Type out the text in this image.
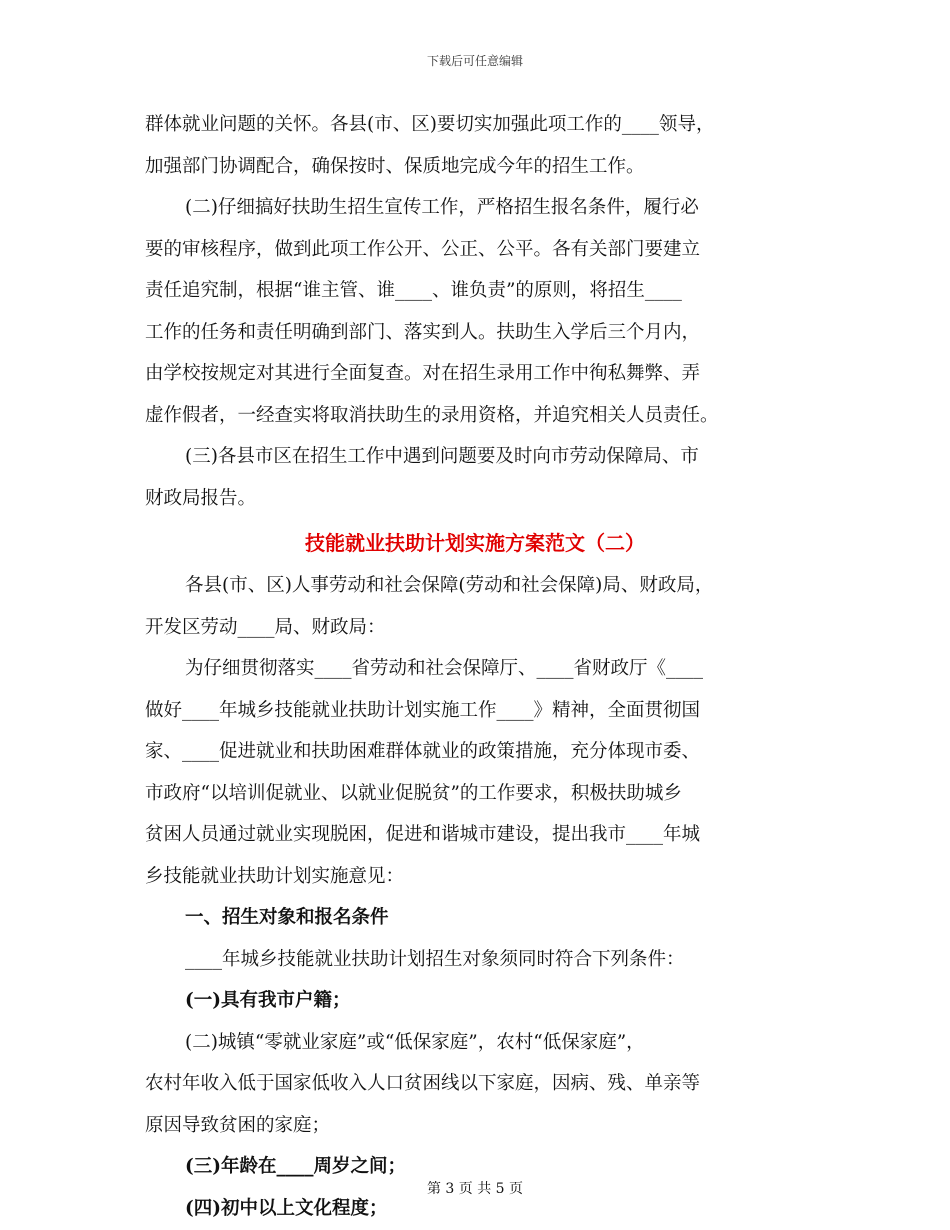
下载后可任意编辑
群体就业问题的关怀。各县(市、区)要切实加强此项工作的____领导，
加强部门协调配合，确保按时、保质地完成今年的招生工作。
(二)仔细搞好扶助生招生宣传工作，严格招生报名条件，履行必
要的审核程序，做到此项工作公开、公正、公平。各有关部门要建立
责任追究制，根据“谁主管、谁____、谁负责”的原则，将招生____
工作的任务和责任明确到部门、落实到人。扶助生入学后三个月内，
由学校按规定对其进行全面复查。对在招生录用工作中徇私舞弊、弄
虚作假者，一经查实将取消扶助生的录用资格，并追究相关人员责任。
(三)各县市区在招生工作中遇到问题要及时向市劳动保障局、市
财政局报告。
技能就业扶助计划实施方案范文（二）
各县(市、区)人事劳动和社会保障(劳动和社会保障)局、财政局，
开发区劳动____局、财政局：
为仔细贯彻落实____省劳动和社会保障厅、____省财政厅《____
做好____年城乡技能就业扶助计划实施工作____》精神，全面贯彻国
家、____促进就业和扶助困难群体就业的政策措施，充分体现市委、
市政府“以培训促就业、以就业促脱贫”的工作要求，积极扶助城乡
贫困人员通过就业实现脱困，促进和谐城市建设，提出我市____年城
乡技能就业扶助计划实施意见：
一、招生对象和报名条件
____年城乡技能就业扶助计划招生对象须同时符合下列条件：
(一)具有我市户籍；
(二)城镇“零就业家庭”或“低保家庭”，农村“低保家庭”，
农村年收入低于国家低收入人口贫困线以下家庭，因病、残、单亲等
原因导致贫困的家庭；
(三)年龄在____周岁之间；
(四)初中以上文化程度；
第 3 页 共 5 页
